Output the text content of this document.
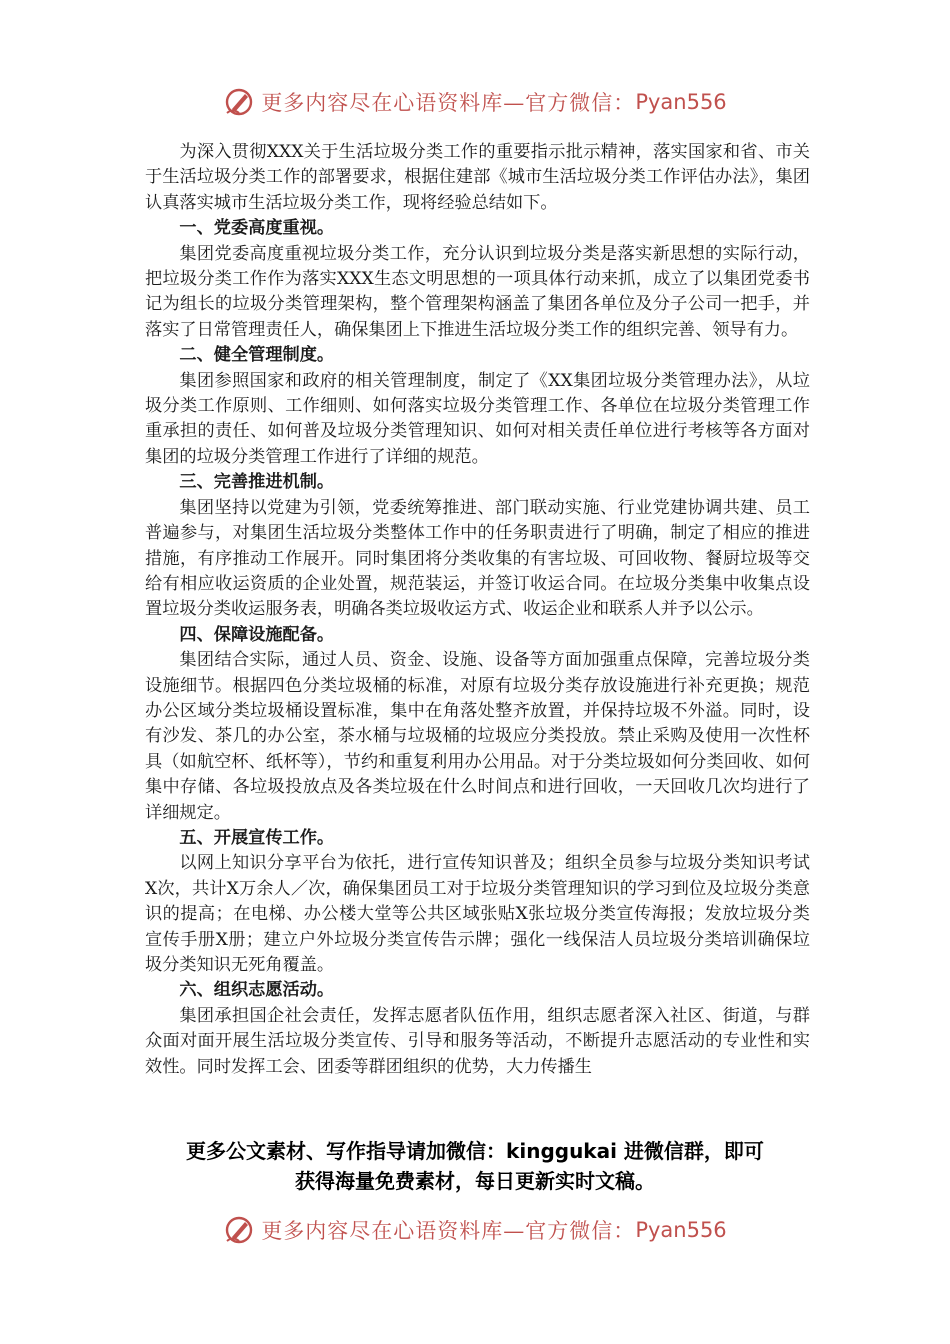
更多内容尽在心语资料库—官方微信： Pyan556

为深入贯彻XXX关于生活垃圾分类工作的重要指示批示精神，落实国家和省、市关于生活垃圾分类工作的部署要求，根据住建部《城市生活垃圾分类工作评估办法》，集团认真落实城市生活垃圾分类工作，现将经验总结如下。

一、党委高度重视。

集团党委高度重视垃圾分类工作，充分认识到垃圾分类是落实新思想的实际行动，把垃圾分类工作作为落实XXX生态文明思想的一项具体行动来抓，成立了以集团党委书记为组长的垃圾分类管理架构，整个管理架构涵盖了集团各单位及分子公司一把手，并落实了日常管理责任人，确保集团上下推进生活垃圾分类工作的组织完善、领导有力。

二、健全管理制度。

集团参照国家和政府的相关管理制度，制定了《XX集团垃圾分类管理办法》，从垃圾分类工作原则、工作细则、如何落实垃圾分类管理工作、各单位在垃圾分类管理工作重承担的责任、如何普及垃圾分类管理知识、如何对相关责任单位进行考核等各方面对集团的垃圾分类管理工作进行了详细的规范。

三、完善推进机制。

集团坚持以党建为引领，党委统筹推进、部门联动实施、行业党建协调共建、员工普遍参与，对集团生活垃圾分类整体工作中的任务职责进行了明确，制定了相应的推进措施，有序推动工作展开。同时集团将分类收集的有害垃圾、可回收物、餐厨垃圾等交给有相应收运资质的企业处置，规范装运，并签订收运合同。在垃圾分类集中收集点设置垃圾分类收运服务表，明确各类垃圾收运方式、收运企业和联系人并予以公示。

四、保障设施配备。

集团结合实际，通过人员、资金、设施、设备等方面加强重点保障，完善垃圾分类设施细节。根据四色分类垃圾桶的标准，对原有垃圾分类存放设施进行补充更换；规范办公区域分类垃圾桶设置标准，集中在角落处整齐放置，并保持垃圾不外溢。同时，设有沙发、茶几的办公室，茶水桶与垃圾桶的垃圾应分类投放。禁止采购及使用一次性杯具（如航空杯、纸杯等），节约和重复利用办公用品。对于分类垃圾如何分类回收、如何集中存储、各垃圾投放点及各类垃圾在什么时间点和进行回收，一天回收几次均进行了详细规定。

五、开展宣传工作。

以网上知识分享平台为依托，进行宣传知识普及；组织全员参与垃圾分类知识考试X次，共计X万余人／次，确保集团员工对于垃圾分类管理知识的学习到位及垃圾分类意识的提高；在电梯、办公楼大堂等公共区域张贴X张垃圾分类宣传海报；发放垃圾分类宣传手册X册；建立户外垃圾分类宣传告示牌；强化一线保洁人员垃圾分类培训确保垃圾分类知识无死角覆盖。

六、组织志愿活动。

集团承担国企社会责任，发挥志愿者队伍作用，组织志愿者深入社区、街道，与群众面对面开展生活垃圾分类宣传、引导和服务等活动，不断提升志愿活动的专业性和实效性。同时发挥工会、团委等群团组织的优势，大力传播生

更多公文素材、写作指导请加微信：kinggukai 进微信群，即可
获得海量免费素材，每日更新实时文稿。
更多内容尽在心语资料库—官方微信： Pyan556
